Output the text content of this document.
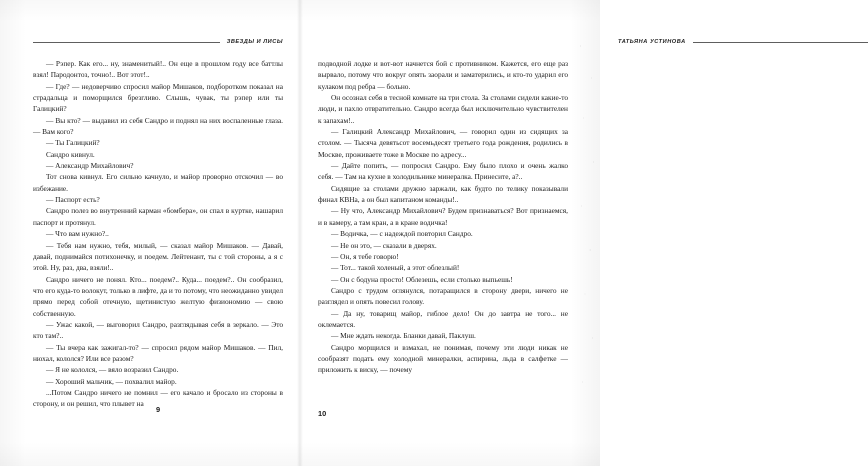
ЗВЕЗДЫ И ЛИСЫ

— Рэпер. Как его... ну, знаменитый!.. Он еще в прошлом году все баттлы взял! Пародонтоз, точно!.. Вот этот!..

— Где? — недоверчиво спросил майор Мишаков, подборотком показал на страдальца и поморщился брезгливо. Слышь, чувак, ты рэпер или ты Галицкий?

— Вы кто? — выдавил из себя Сандро и поднял на них воспаленные глаза. — Вам кого?

— Ты Галицкий?

Сандро кивнул.

— Александр Михайлович?

Тот снова кивнул. Его сильно качнуло, и майор проворно отскочил — во избежание.

— Паспорт есть?

Сандро полез во внутренний карман «бомбера», он спал в куртке, нашарил паспорт и протянул.

— Что вам нужно?..

— Тебя нам нужно, тебя, милый, — сказал майор Мишаков. — Давай, давай, поднимайся потихонечку, и поедем. Лейтенант, ты с той стороны, а я с этой. Ну, раз, два, взяли!..

Сандро ничего не понял. Кто... поедем?.. Куда... поедем?.. Он сообразил, что его куда-то волокут, только в лифте, да и то потому, что неожиданно увидел прямо перед собой отечную, щетинистую желтую физиономию — свою собственную.

— Ужас какой, — выговорил Сандро, разглядывая себя в зеркало. — Это кто там?..

— Ты вчера как зажигал-то? — спросил рядом майор Мишаков. — Пил, нюхал, кололся? Или все разом?

— Я не кололся, — вяло возразил Сандро.

— Хороший мальчик, — похвалил майор.

...Потом Сандро ничего не помнил — его качало и бросало из стороны в сторону, и он решил, что плывет на

9
ТАТЬЯНА УСТИНОВА

подводной лодке и вот-вот начнется бой с противником. Кажется, его еще раз вырвало, потому что вокруг опять заорали и заматерились, и кто-то ударил его кулаком под ребра — больно.

Он осознал себя в тесной комнате на три стола. За столами сидели какие-то люди, и пахло отвратительно. Сандро всегда был исключительно чувствителен к запахам!..

— Галицкий Александр Михайлович, — говорил один из сидящих за столом. — Тысяча девятьсот восемьдесят третьего года рождения, родились в Москве, проживаете тоже в Москве по адресу...

— Дайте попить, — попросил Сандро. Ему было плохо и очень жалко себя. — Там на кухне в холодильнике минералка. Принесите, а?..

Сидящие за столами дружно заржали, как будто по телику показывали финал КВНа, а он был капитаном команды!..

— Ну что, Александр Михайлович? Будем признаваться? Вот признаемся, и в камеру, а там кран, а в кране водичка!

— Водичка, — с надеждой повторил Сандро.

— Не он это, — сказали в дверях.

— Он, я тебе говорю!

— Тот... такой холеный, а этот облезлый!

— Он с бодуна просто! Облезешь, если столько выпьешь!

Сандро с трудом оглянулся, потаращился в сторону двери, ничего не разглядел и опять повесил голову.

— Да ну, товарищ майор, гиблое дело! Он до завтра не того... не оклемается.

— Мне ждать некогда. Бланки давай, Паклуш.

Сандро морщился и взмахал, не понимая, почему эти люди никак не сообразят подать ему холодной минералки, аспирина, льда в салфетке — приложить к виску, — почему

10
